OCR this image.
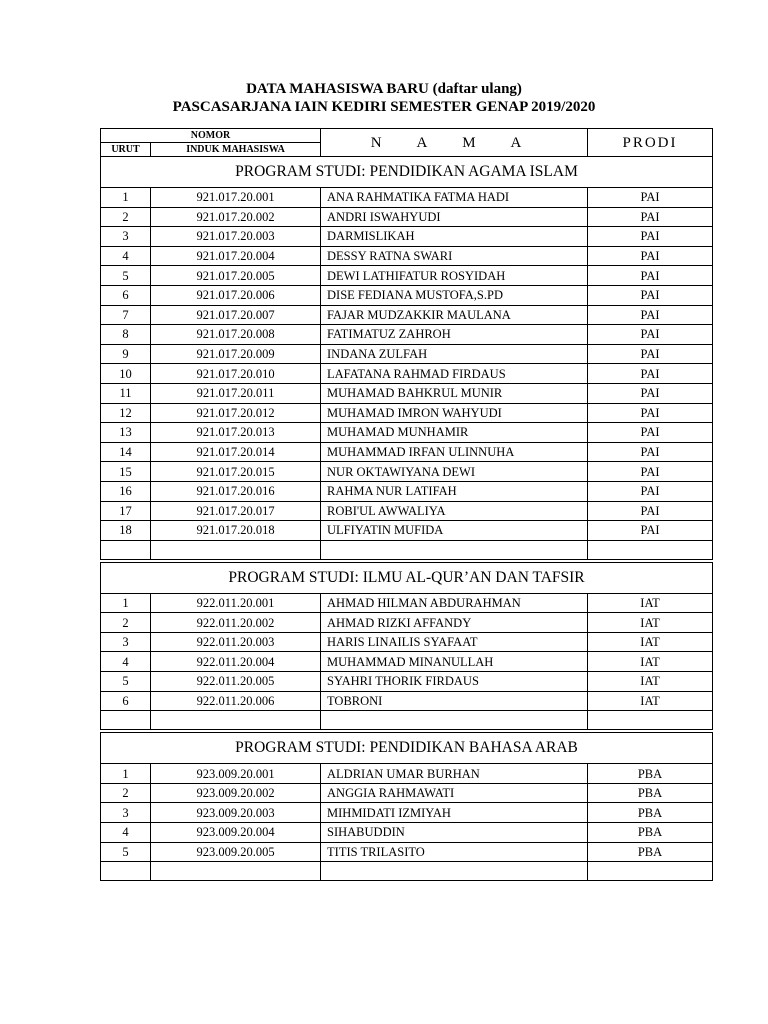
DATA MAHASISWA BARU (daftar ulang)
PASCASARJANA IAIN KEDIRI SEMESTER GENAP 2019/2020
NOMOR		N A M A	PRODI
URUT	INDUK MAHASISWA		
PROGRAM STUDI: PENDIDIKAN AGAMA ISLAM			
1	921.017.20.001	ANA RAHMATIKA FATMA HADI	PAI
2	921.017.20.002	ANDRI ISWAHYUDI	PAI
3	921.017.20.003	DARMISLIKAH	PAI
4	921.017.20.004	DESSY RATNA SWARI	PAI
5	921.017.20.005	DEWI LATHIFATUR ROSYIDAH	PAI
6	921.017.20.006	DISE FEDIANA MUSTOFA,S.PD	PAI
7	921.017.20.007	FAJAR MUDZAKKIR MAULANA	PAI
8	921.017.20.008	FATIMATUZ ZAHROH	PAI
9	921.017.20.009	INDANA ZULFAH	PAI
10	921.017.20.010	LAFATANA RAHMAD FIRDAUS	PAI
11	921.017.20.011	MUHAMAD BAHKRUL MUNIR	PAI
12	921.017.20.012	MUHAMAD IMRON WAHYUDI	PAI
13	921.017.20.013	MUHAMAD MUNHAMIR	PAI
14	921.017.20.014	MUHAMMAD IRFAN ULINNUHA	PAI
15	921.017.20.015	NUR OKTAWIYANA DEWI	PAI
16	921.017.20.016	RAHMA NUR LATIFAH	PAI
17	921.017.20.017	ROBI'UL AWWALIYA	PAI
18	921.017.20.018	ULFIYATIN MUFIDA	PAI

PROGRAM STUDI: ILMU AL-QUR’AN DAN TAFSIR			
1	922.011.20.001	AHMAD HILMAN ABDURAHMAN	IAT
2	922.011.20.002	AHMAD RIZKI AFFANDY	IAT
3	922.011.20.003	HARIS LINAILIS SYAFAAT	IAT
4	922.011.20.004	MUHAMMAD MINANULLAH	IAT
5	922.011.20.005	SYAHRI THORIK FIRDAUS	IAT
6	922.011.20.006	TOBRONI	IAT

PROGRAM STUDI: PENDIDIKAN BAHASA ARAB			
1	923.009.20.001	ALDRIAN UMAR BURHAN	PBA
2	923.009.20.002	ANGGIA RAHMAWATI	PBA
3	923.009.20.003	MIHMIDATI IZMIYAH	PBA
4	923.009.20.004	SIHABUDDIN	PBA
5	923.009.20.005	TITIS TRILASITO	PBA
